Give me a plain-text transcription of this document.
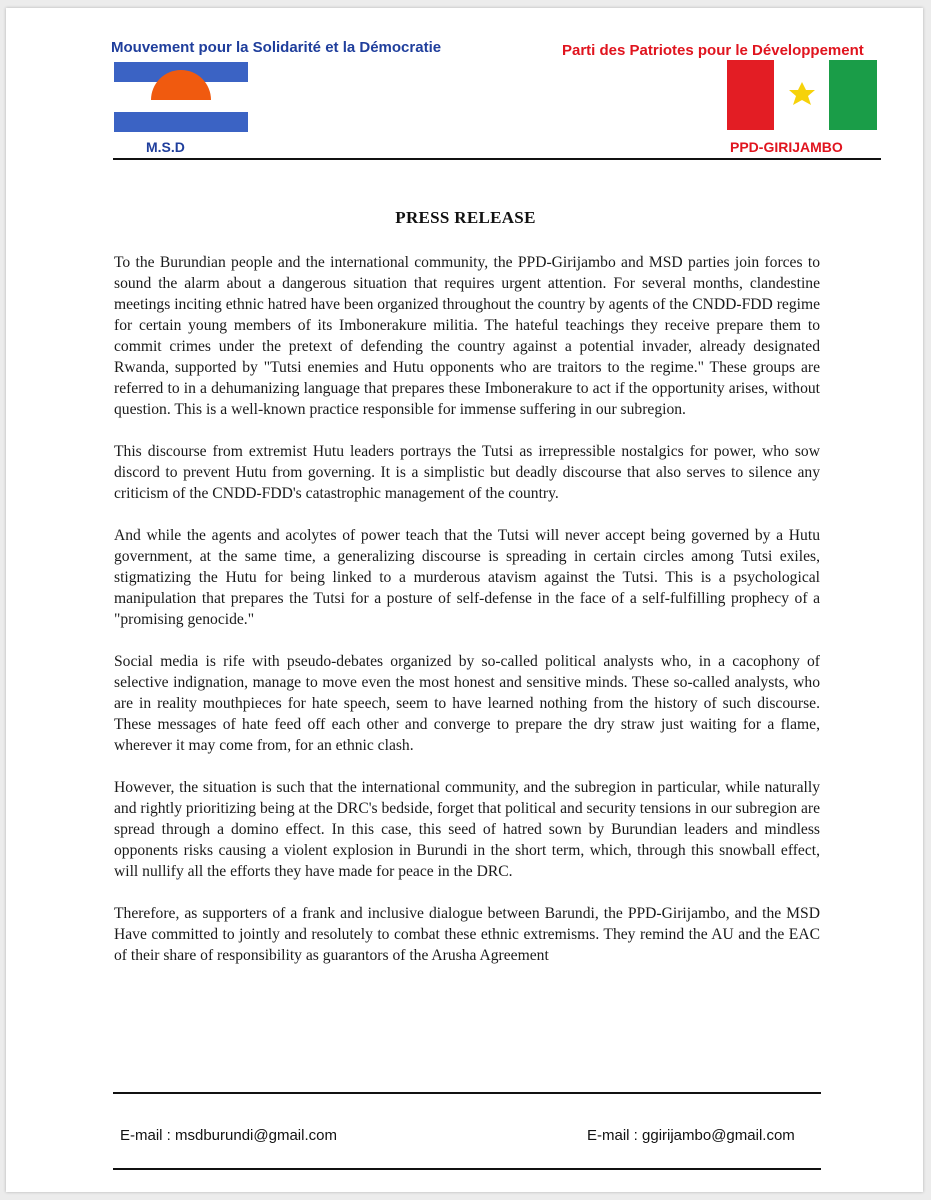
Mouvement pour la Solidarité et la Démocratie	Parti des Patriotes pour le Développement
M.S.D	PPD-GIRIJAMBO
PRESS RELEASE

To the Burundian people and the international community, the PPD-Girijambo and MSD parties join forces to sound the alarm about a dangerous situation that requires urgent attention. For several months, clandestine meetings inciting ethnic hatred have been organized throughout the country by agents of the CNDD-FDD regime for certain young members of its Imbonerakure militia. The hateful teachings they receive prepare them to commit crimes under the pretext of defending the country against a potential invader, already designated Rwanda, supported by "Tutsi enemies and Hutu opponents who are traitors to the regime." These groups are referred to in a dehumanizing language that prepares these Imbonerakure to act if the opportunity arises, without question. This is a well-known practice responsible for immense suffering in our subregion.

This discourse from extremist Hutu leaders portrays the Tutsi as irrepressible nostalgics for power, who sow discord to prevent Hutu from governing. It is a simplistic but deadly discourse that also serves to silence any criticism of the CNDD-FDD's catastrophic management of the country.

And while the agents and acolytes of power teach that the Tutsi will never accept being governed by a Hutu government, at the same time, a generalizing discourse is spreading in certain circles among Tutsi exiles, stigmatizing the Hutu for being linked to a murderous atavism against the Tutsi. This is a psychological manipulation that prepares the Tutsi for a posture of self-defense in the face of a self-fulfilling prophecy of a "promising genocide."

Social media is rife with pseudo-debates organized by so-called political analysts who, in a cacophony of selective indignation, manage to move even the most honest and sensitive minds. These so-called analysts, who are in reality mouthpieces for hate speech, seem to have learned nothing from the history of such discourse. These messages of hate feed off each other and converge to prepare the dry straw just waiting for a flame, wherever it may come from, for an ethnic clash.

However, the situation is such that the international community, and the subregion in particular, while naturally and rightly prioritizing being at the DRC's bedside, forget that political and security tensions in our subregion are spread through a domino effect. In this case, this seed of hatred sown by Burundian leaders and mindless opponents risks causing a violent explosion in Burundi in the short term, which, through this snowball effect, will nullify all the efforts they have made for peace in the DRC.

Therefore, as supporters of a frank and inclusive dialogue between Barundi, the PPD-Girijambo, and the MSD Have committed to jointly and resolutely to combat these ethnic extremisms. They remind the AU and the EAC of their share of responsibility as guarantors of the Arusha Agreement

E-mail : msdburundi@gmail.com	E-mail : ggirijambo@gmail.com
